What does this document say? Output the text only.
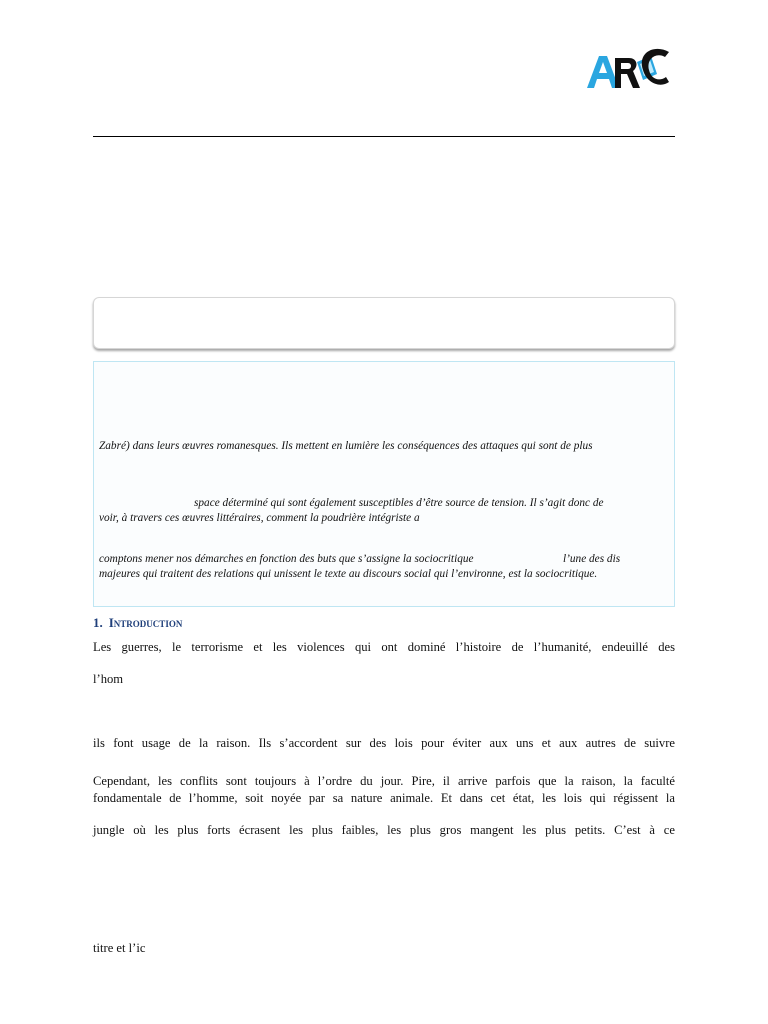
Zabré) dans leurs œuvres romanesques. Ils mettent en lumière les conséquences des attaques qui sont de plus
space déterminé qui sont également susceptibles d’être source de tension. Il s’agit donc de
voir, à travers ces œuvres littéraires, comment la poudrière intégriste a
comptons mener nos démarches en fonction des buts que s’assigne la sociocritique	l’une des dis
majeures qui traitent des relations qui unissent le texte au discours social qui l’environne, est la sociocritique.
1. Introduction
Les guerres, le terrorisme et les violences qui ont dominé l’histoire de l’humanité, endeuillé des
l’hom
ils font usage de la raison. Ils s’accordent sur des lois pour éviter aux uns et aux autres de suivre
Cependant, les conflits sont toujours à l’ordre du jour. Pire, il arrive parfois que la raison, la faculté
fondamentale de l’homme, soit noyée par sa nature animale. Et dans cet état, les lois qui régissent la
jungle où les plus forts écrasent les plus faibles, les plus gros mangent les plus petits. C’est à ce
titre et l’ic
